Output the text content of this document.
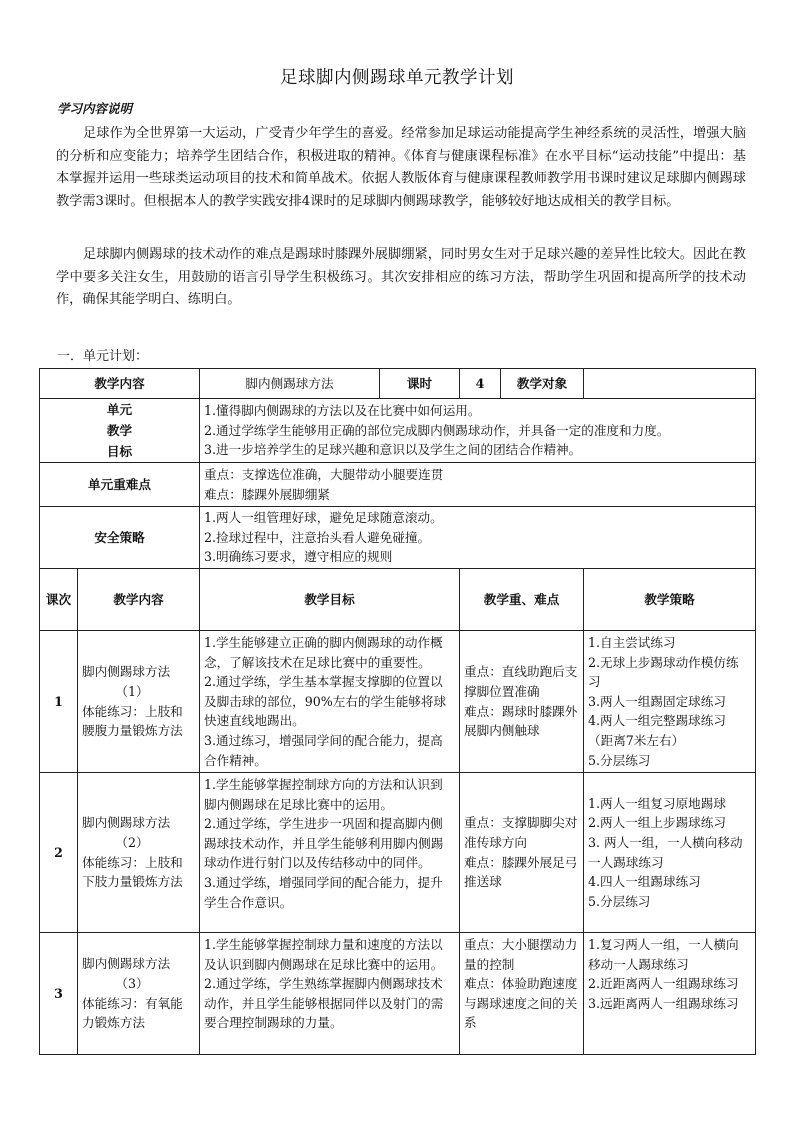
足球脚内侧踢球单元教学计划
学习内容说明
足球作为全世界第一大运动，广受青少年学生的喜爱。经常参加足球运动能提高学生神经系统的灵活性，增强大脑的分析和应变能力；培养学生团结合作，积极进取的精神。《体育与健康课程标准》在水平目标“运动技能”中提出：基本掌握并运用一些球类运动项目的技术和简单战术。依据人教版体育与健康课程教师教学用书课时建议足球脚内侧踢球教学需3课时。但根据本人的教学实践安排4课时的足球脚内侧踢球教学，能够较好地达成相关的教学目标。
足球脚内侧踢球的技术动作的难点是踢球时膝踝外展脚绷紧，同时男女生对于足球兴趣的差异性比较大。因此在教学中要多关注女生，用鼓励的语言引导学生积极练习。其次安排相应的练习方法，帮助学生巩固和提高所学的技术动作，确保其能学明白、练明白。
一．单元计划：
教学内容		脚内侧踢球方法	课时	4	教学对象	

单元
教学
目标		1.懂得脚内侧踢球的方法以及在比赛中如何运用。
2.通过学练学生能够用正确的部位完成脚内侧踢球动作，并具备一定的准度和力度。
3.进一步培养学生的足球兴趣和意识以及学生之间的团结合作精神。				

单元重难点		重点：支撑选位准确，大腿带动小腿要连贯
难点：膝踝外展脚绷紧				

安全策略		1.两人一组管理好球，避免足球随意滚动。
2.捡球过程中，注意抬头看人避免碰撞。
3.明确练习要求，遵守相应的规则				

课次	教学内容	教学目标		教学重、难点		教学策略
1	脚内侧踢球方法
（1）
体能练习：上肢和腰腹力量锻炼方法	1.学生能够建立正确的脚内侧踢球的动作概念，了解该技术在足球比赛中的重要性。
2.通过学练，学生基本掌握支撑脚的位置以及脚击球的部位，90%左右的学生能够将球快速直线地踢出。
3.通过练习，增强同学间的配合能力，提高合作精神。		重点：直线助跑后支撑脚位置准确
难点：踢球时膝踝外展脚内侧触球		1.自主尝试练习
2.无球上步踢球动作模仿练习
3.两人一组踢固定球练习
4.两人一组完整踢球练习（距离7米左右）
5.分层练习

2	脚内侧踢球方法
（2）
体能练习：上肢和下肢力量锻炼方法	1.学生能够掌握控制球方向的方法和认识到脚内侧踢球在足球比赛中的运用。
2.通过学练，学生进步一巩固和提高脚内侧踢球技术动作，并且学生能够利用脚内侧踢球动作进行射门以及传结移动中的同伴。
3.通过学练，增强同学间的配合能力，提升学生合作意识。		重点：支撑脚脚尖对准传球方向
难点：膝踝外展足弓推送球		1.两人一组复习原地踢球
2.两人一组上步踢球练习
3. 两人一组，一人横向移动一人踢球练习
4.四人一组踢球练习
5.分层练习

3	脚内侧踢球方法
（3）
体能练习：有氧能力锻炼方法	1.学生能够掌握控制球力量和速度的方法以及认识到脚内侧踢球在足球比赛中的运用。
2.通过学练，学生熟练掌握脚内侧踢球技术动作，并且学生能够根据同伴以及射门的需要合理控制踢球的力量。		重点：大小腿摆动力量的控制
难点：体验助跑速度与踢球速度之间的关系		1.复习两人一组，一人横向移动一人踢球练习
2.近距离两人一组踢球练习
3.远距离两人一组踢球练习
